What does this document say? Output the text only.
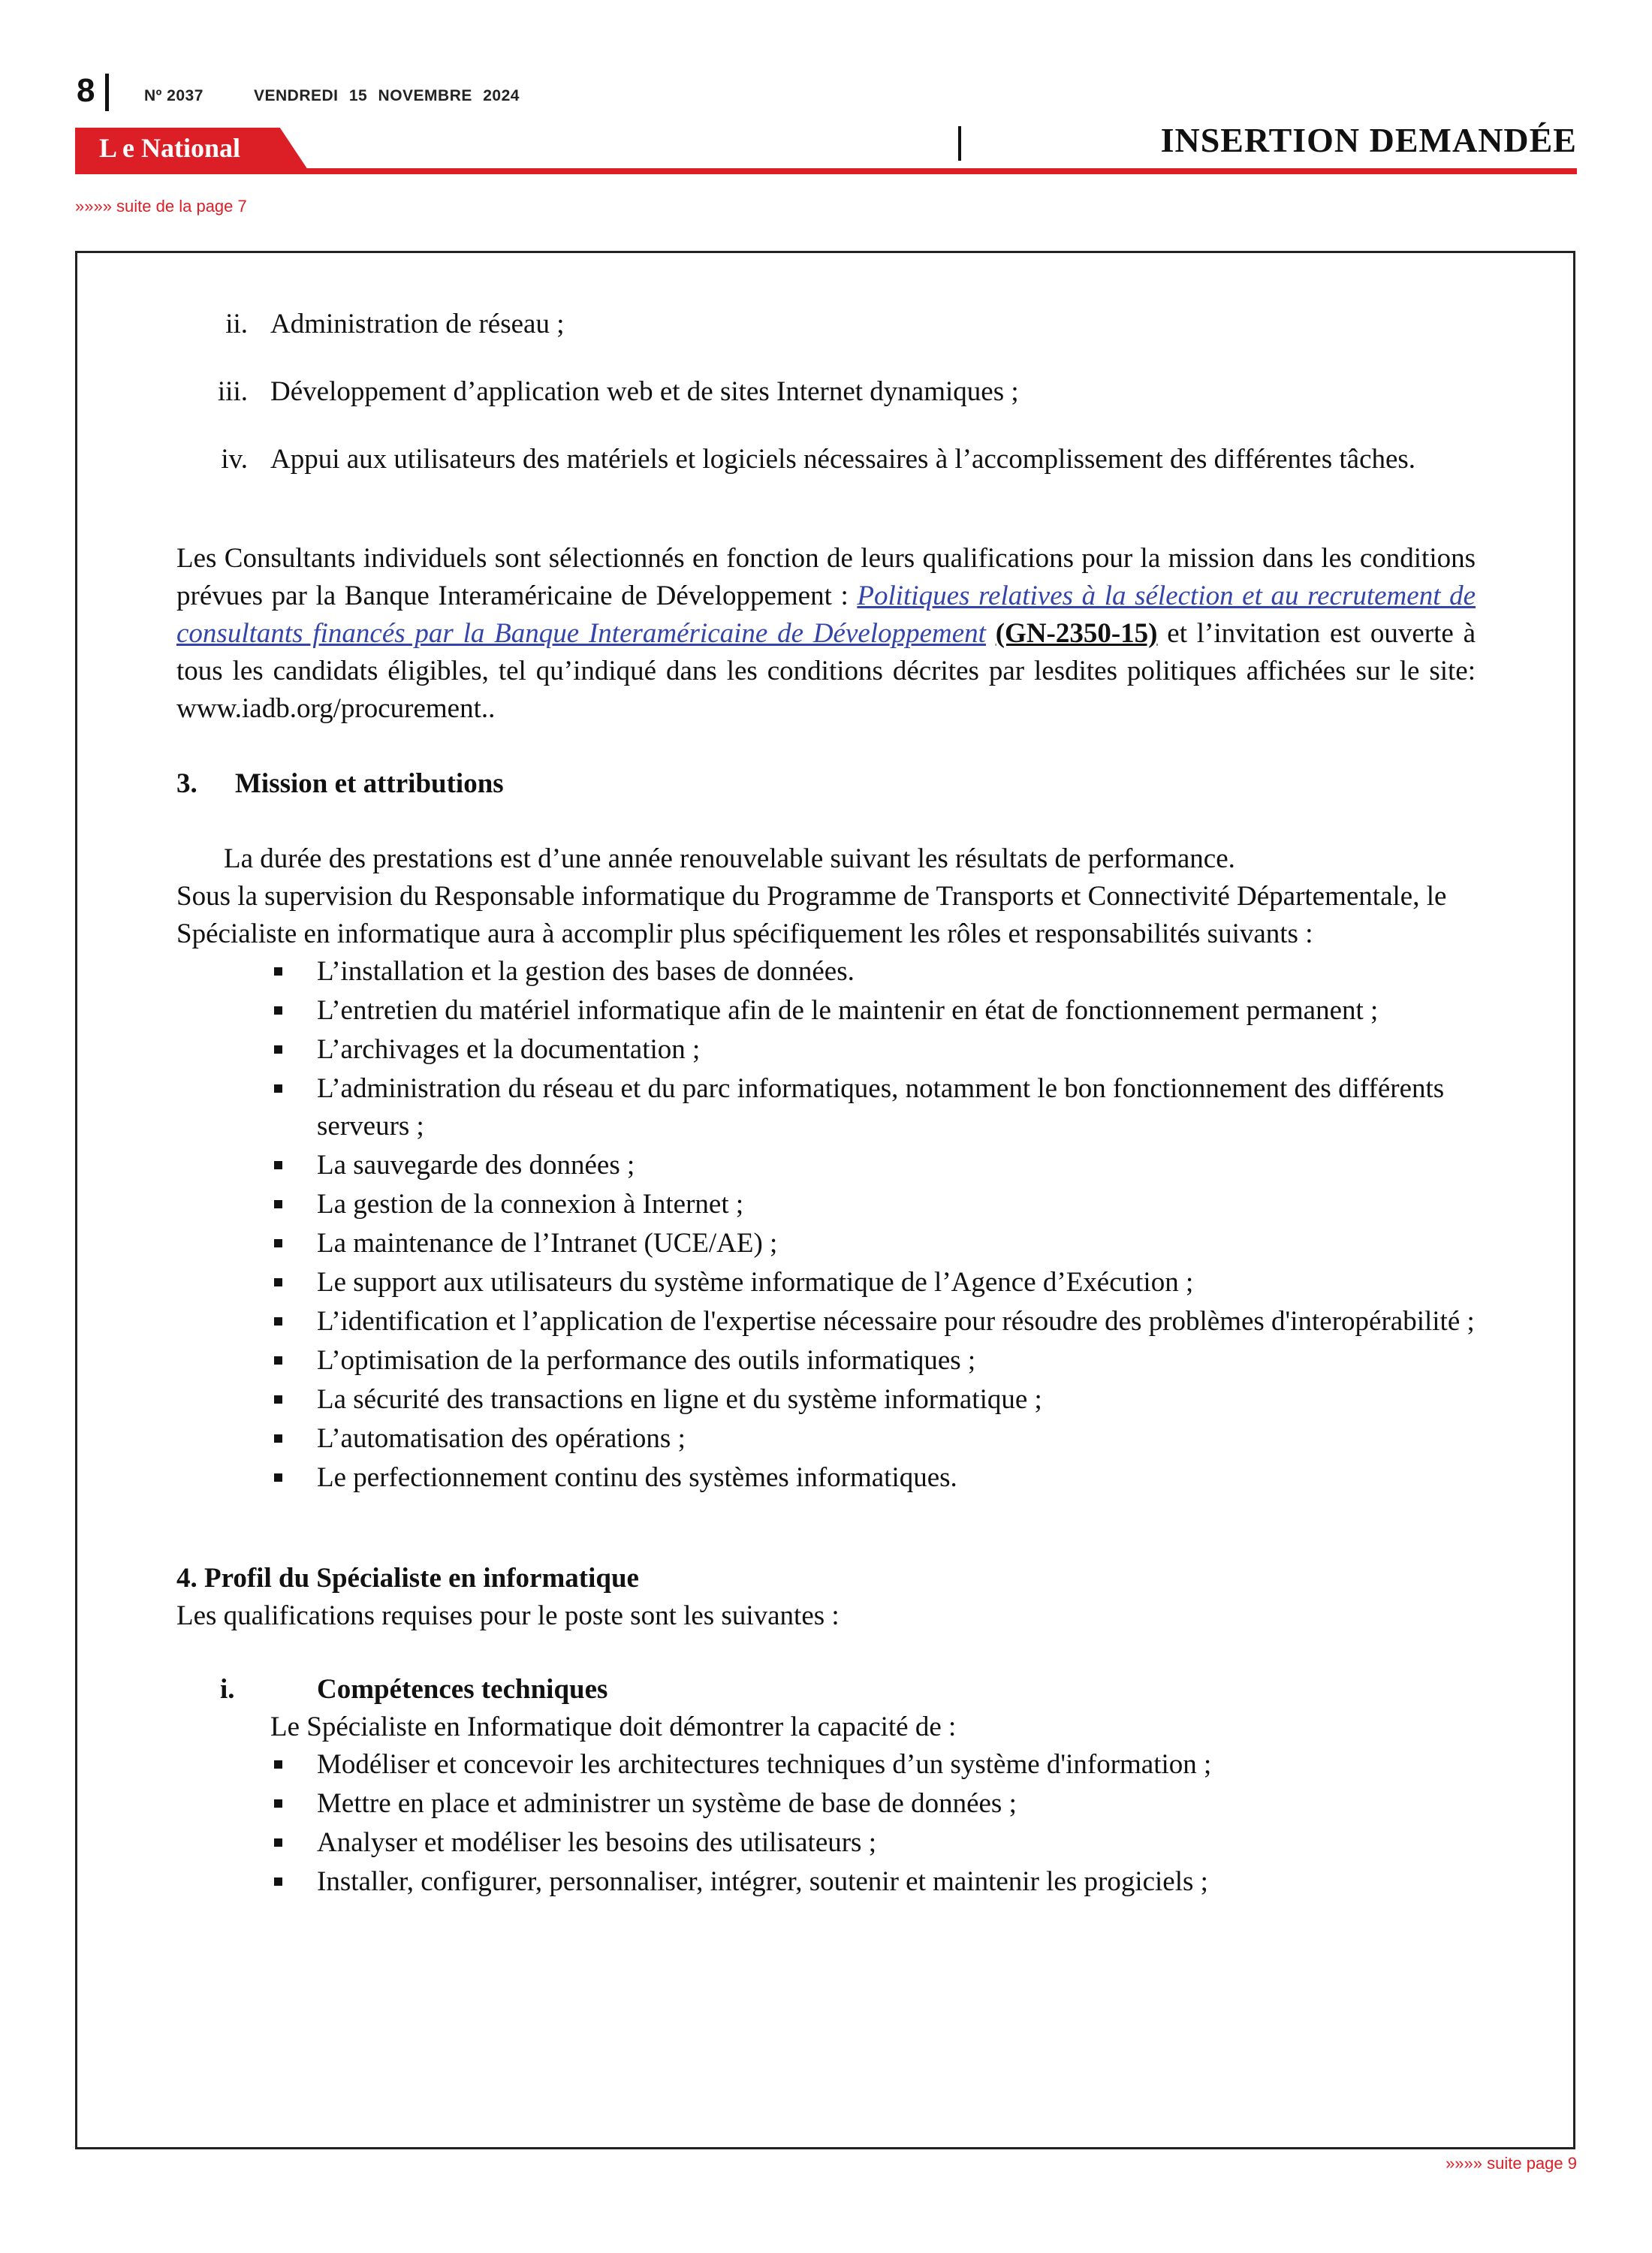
8	Nº 2037	VENDREDI 15 NOVEMBRE 2024
L e National	INSERTION DEMANDÉE
»»»» suite de la page 7

ii. Administration de réseau ;

iii. Développement d’application web et de sites Internet dynamiques ;

iv. Appui aux utilisateurs des matériels et logiciels nécessaires à l’accomplissement des différentes tâches.

Les Consultants individuels sont sélectionnés en fonction de leurs qualifications pour la mission dans les conditions prévues par la Banque Interaméricaine de Développement : Politiques relatives à la sélection et au recrutement de consultants financés par la Banque Interaméricaine de Développement (GN-2350-15) et l’invitation est ouverte à tous les candidats éligibles, tel qu’indiqué dans les conditions décrites par lesdites politiques affichées sur le site: www.iadb.org/procurement..

3. Mission et attributions

La durée des prestations est d’une année renouvelable suivant les résultats de performance.

Sous la supervision du Responsable informatique du Programme de Transports et Connectivité Départementale, le Spécialiste en informatique aura à accomplir plus spécifiquement les rôles et responsabilités suivants :

L’installation et la gestion des bases de données.
L’entretien du matériel informatique afin de le maintenir en état de fonctionnement permanent ;
L’archivages et la documentation ;
L’administration du réseau et du parc informatiques, notamment le bon fonctionnement des différents serveurs ;
La sauvegarde des données ;
La gestion de la connexion à Internet ;
La maintenance de l’Intranet (UCE/AE) ;
Le support aux utilisateurs du système informatique de l’Agence d’Exécution ;
L’identification et l’application de l'expertise nécessaire pour résoudre des problèmes d'interopérabilité ;
L’optimisation de la performance des outils informatiques ;
La sécurité des transactions en ligne et du système informatique ;
L’automatisation des opérations ;
Le perfectionnement continu des systèmes informatiques.
4. Profil du Spécialiste en informatique

Les qualifications requises pour le poste sont les suivantes :

i.	Compétences techniques

Le Spécialiste en Informatique doit démontrer la capacité de :

Modéliser et concevoir les architectures techniques d’un système d'information ;
Mettre en place et administrer un système de base de données ;
Analyser et modéliser les besoins des utilisateurs ;
Installer, configurer, personnaliser, intégrer, soutenir et maintenir les progiciels ;
»»»» suite page 9
